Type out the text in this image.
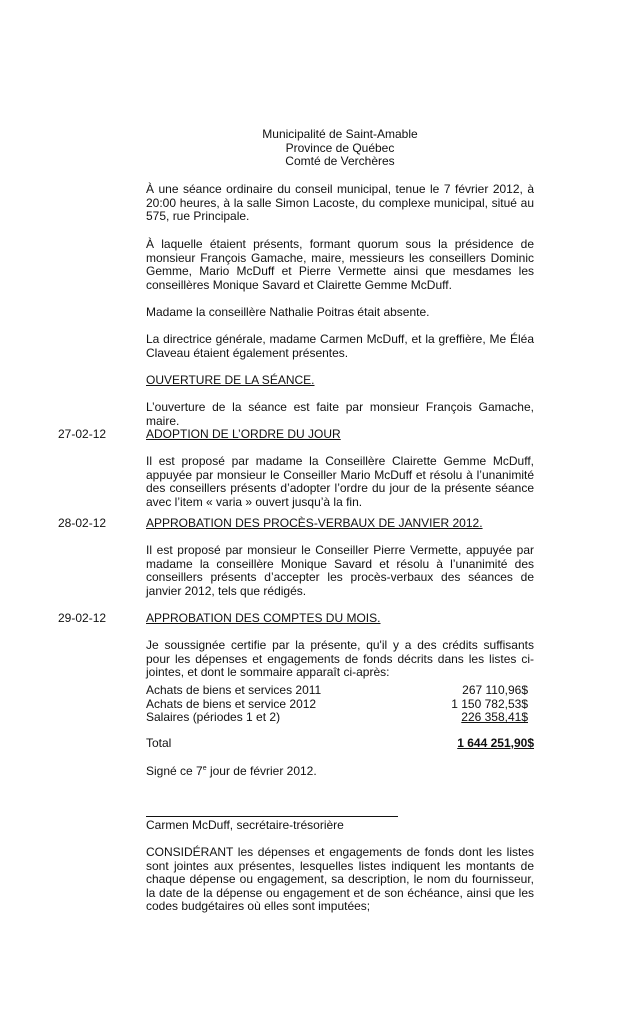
Municipalité de Saint-Amable
Province de Québec
Comté de Verchères
À une séance ordinaire du conseil municipal, tenue le 7 février 2012, à 20:00 heures, à la salle Simon Lacoste, du complexe municipal, situé au 575, rue Principale.
À laquelle étaient présents, formant quorum sous la présidence de monsieur François Gamache, maire, messieurs les conseillers Dominic Gemme, Mario McDuff et Pierre Vermette ainsi que mesdames les conseillères Monique Savard et Clairette Gemme McDuff.
Madame la conseillère Nathalie Poitras était absente.
La directrice générale, madame Carmen McDuff, et la greffière, Me Éléa Claveau étaient également présentes.
OUVERTURE DE LA SÉANCE.
L’ouverture de la séance est faite par monsieur François Gamache, maire.
27-02-12	ADOPTION DE L’ORDRE DU JOUR
Il est proposé par madame la Conseillère Clairette Gemme McDuff, appuyée par monsieur le Conseiller Mario McDuff et résolu à l’unanimité des conseillers présents d’adopter l’ordre du jour de la présente séance avec l’item « varia » ouvert jusqu’à la fin.
28-02-12	APPROBATION DES PROCÈS-VERBAUX DE JANVIER 2012.
Il est proposé par monsieur le Conseiller Pierre Vermette, appuyée par madame la conseillère Monique Savard et résolu à l’unanimité des conseillers présents d’accepter les procès-verbaux des séances de janvier 2012, tels que rédigés.
29-02-12	APPROBATION DES COMPTES DU MOIS.
Je soussignée certifie par la présente, qu'il y a des crédits suffisants pour les dépenses et engagements de fonds décrits dans les listes ci-jointes, et dont le sommaire apparaît ci-après:
Achats de biens et services 2011	267 110,96$
Achats de biens et service 2012	1 150 782,53$
Salaires (périodes 1 et 2)	226 358,41$
Total	1 644 251,90$
Signé ce 7e jour de février 2012.
Carmen McDuff, secrétaire-trésorière
CONSIDÉRANT les dépenses et engagements de fonds dont les listes sont jointes aux présentes, lesquelles listes indiquent les montants de chaque dépense ou engagement, sa description, le nom du fournisseur, la date de la dépense ou engagement et de son échéance, ainsi que les codes budgétaires où elles sont imputées;
